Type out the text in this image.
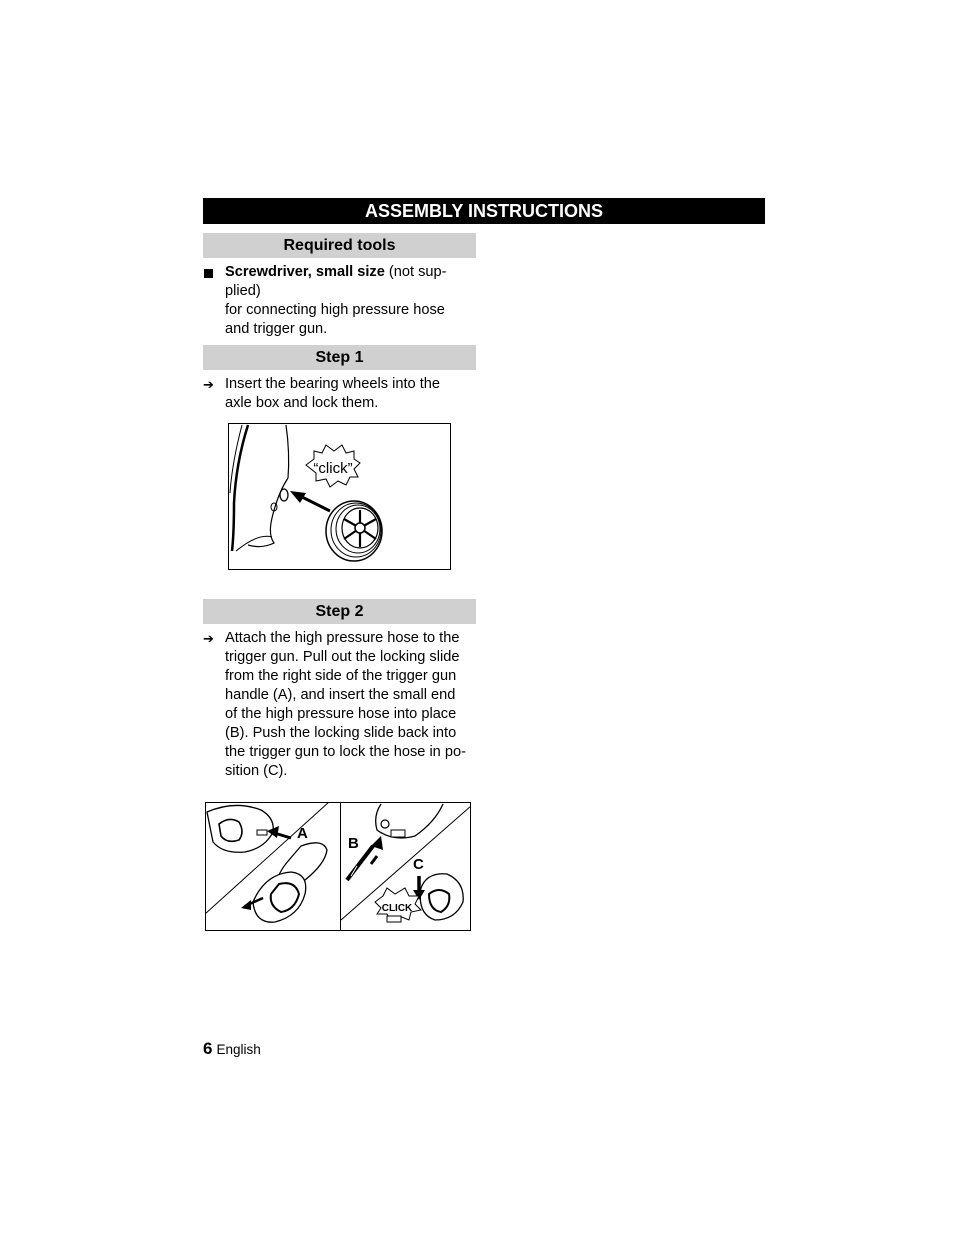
ASSEMBLY INSTRUCTIONS
Required tools
Screwdriver, small size (not sup-
plied)
for connecting high pressure hose
and trigger gun.
Step 1
➔ Insert the bearing wheels into the
axle box and lock them.
“click”
Step 2
➔ Attach the high pressure hose to the
trigger gun. Pull out the locking slide
from the right side of the trigger gun
handle (A), and insert the small end
of the high pressure hose into place
(B). Push the locking slide back into
the trigger gun to lock the hose in po-
sition (C).
A
B
C
CLICK
6 English
